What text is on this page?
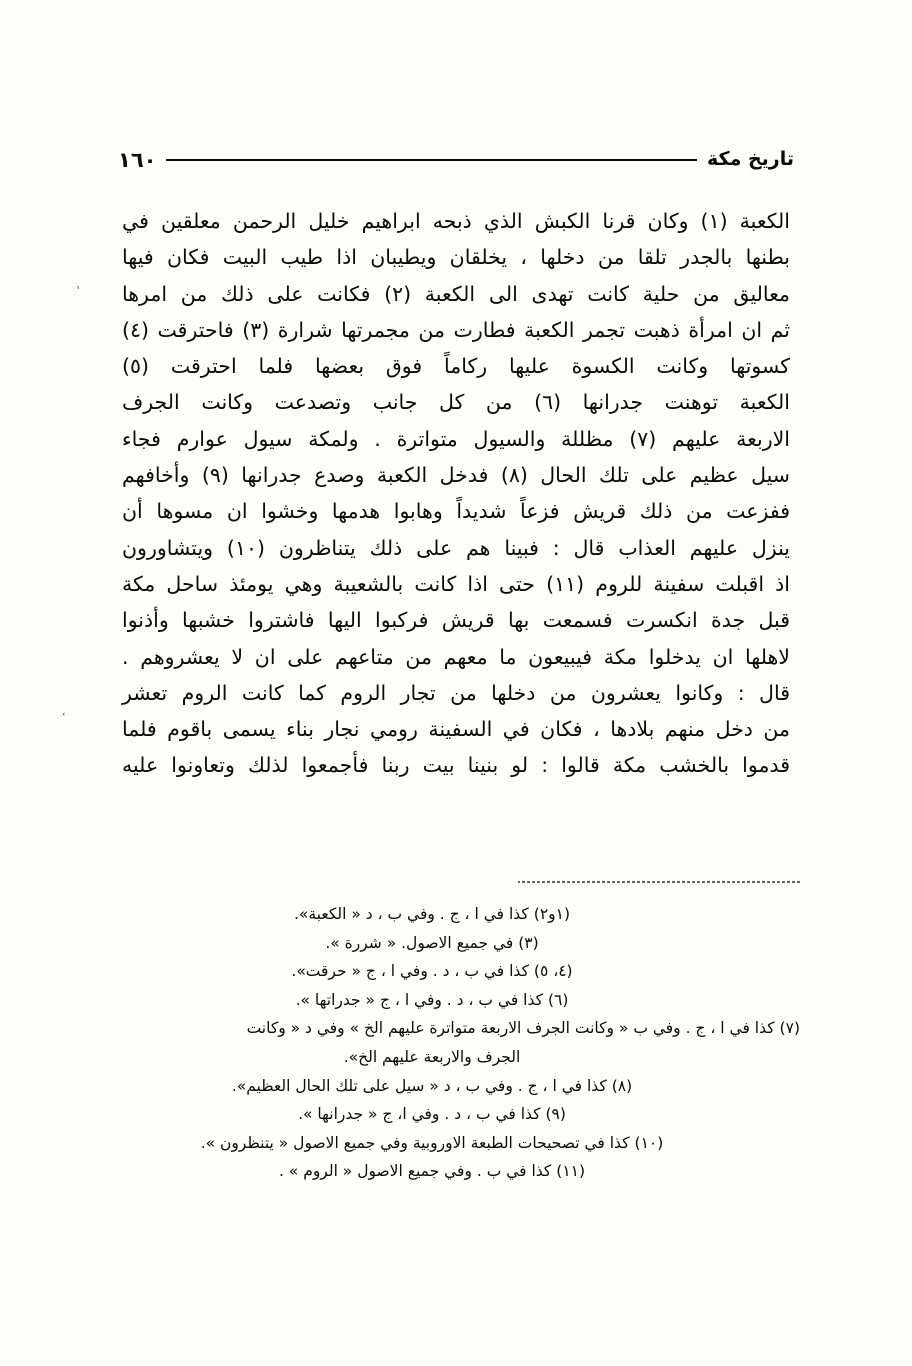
تاريخ مكة
١٦٠

الكعبة (١) وكان قرنا الكبش الذي ذبحه ابراهيم خليل الرحمن معلقين في

بطنها بالجدر تلقا من دخلها ، يخلقان ويطيبان اذا طيب البيت فكان فيها

معاليق من حلية كانت تهدى الى الكعبة (٢) فكانت على ذلك من امرها

ثم ان امرأة ذهبت تجمر الكعبة فطارت من مجمرتها شرارة (٣) فاحترقت (٤)

كسوتها وكانت الكسوة عليها ركاماً فوق بعضها فلما احترقت (٥)

الكعبة توهنت جدرانها (٦) من كل جانب وتصدعت وكانت الجرف

الاربعة عليهم (٧) مظللة والسيول متواترة . ولمكة سيول عوارم فجاء

سيل عظيم على تلك الحال (٨) فدخل الكعبة وصدع جدرانها (٩) وأخافهم

ففزعت من ذلك قريش فزعاً شديداً وهابوا هدمها وخشوا ان مسوها أن

ينزل عليهم العذاب قال : فبينا هم على ذلك يتناظرون (١٠) ويتشاورون

اذ اقبلت سفينة للروم (١١) حتى اذا كانت بالشعيبة وهي يومئذ ساحل مكة

قبل جدة انكسرت فسمعت بها قريش فركبوا اليها فاشتروا خشبها وأذنوا

لاهلها ان يدخلوا مكة فيبيعون ما معهم من متاعهم على ان لا يعشروهم .

قال : وكانوا يعشرون من دخلها من تجار الروم كما كانت الروم تعشر

من دخل منهم بلادها ، فكان في السفينة رومي نجار بناء يسمى باقوم فلما

قدموا بالخشب مكة قالوا : لو بنينا بيت ربنا فأجمعوا لذلك وتعاونوا عليه

(١و٢) كذا في ا ، ج . وفي ب ، د « الكعبة».

(٣) في جميع الاصول. « شررة ».

(٤، ٥) كذا في ب ، د . وفي ا ، ج « حرقت».

(٦) كذا في ب ، د . وفي ا ، ج « جدراتها ».

(٧) كذا في ا ، ج . وفي ب « وكانت الجرف الاربعة متواترة عليهم الخ » وفي د « وكانت

الجرف والاربعة عليهم الخ».

(٨) كذا في ا ، ج . وفي ب ، د « سيل على تلك الحال العظيم».

(٩) كذا في ب ، د . وفي ا، ج « جدرانها ».

(١٠) كذا في تصحيحات الطبعة الاوروبية وفي جميع الاصول « يتنظرون ».

(١١) كذا في ب . وفي جميع الاصول « الروم » .

ʾ
ʿ
